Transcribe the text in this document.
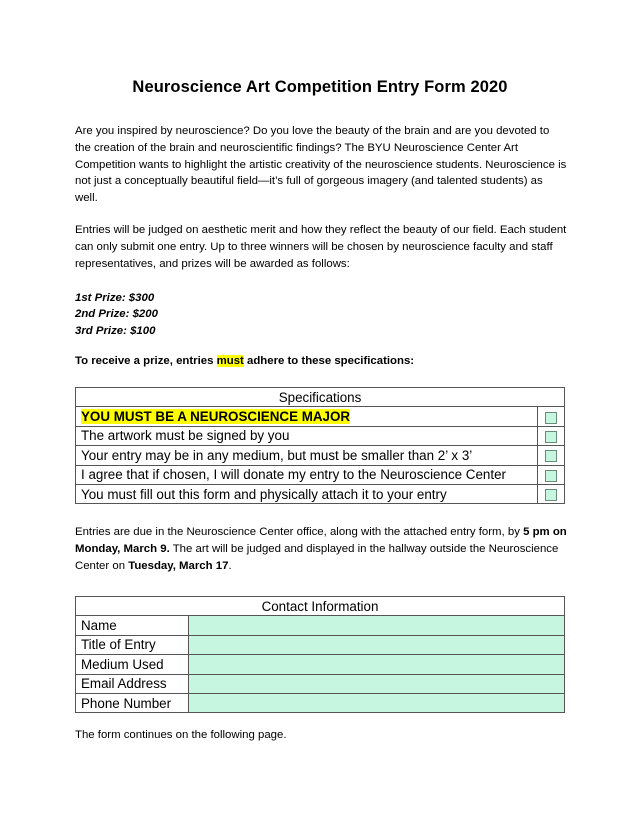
Neuroscience Art Competition Entry Form 2020
Are you inspired by neuroscience? Do you love the beauty of the brain and are you devoted to the creation of the brain and neuroscientific findings? The BYU Neuroscience Center Art Competition wants to highlight the artistic creativity of the neuroscience students. Neuroscience is not just a conceptually beautiful field—it’s full of gorgeous imagery (and talented students) as well.
Entries will be judged on aesthetic merit and how they reflect the beauty of our field. Each student can only submit one entry. Up to three winners will be chosen by neuroscience faculty and staff representatives, and prizes will be awarded as follows:
1st Prize: $300
2nd Prize: $200
3rd Prize: $100
To receive a prize, entries must adhere to these specifications:
Specifications	
YOU MUST BE A NEUROSCIENCE MAJOR	
The artwork must be signed by you	
Your entry may be in any medium, but must be smaller than 2’ x 3’	
I agree that if chosen, I will donate my entry to the Neuroscience Center	
You must fill out this form and physically attach it to your entry	
Entries are due in the Neuroscience Center office, along with the attached entry form, by 5 pm on Monday, March 9. The art will be judged and displayed in the hallway outside the Neuroscience Center on Tuesday, March 17.
Contact Information	
Name	
Title of Entry	
Medium Used	
Email Address	
Phone Number	
The form continues on the following page.
